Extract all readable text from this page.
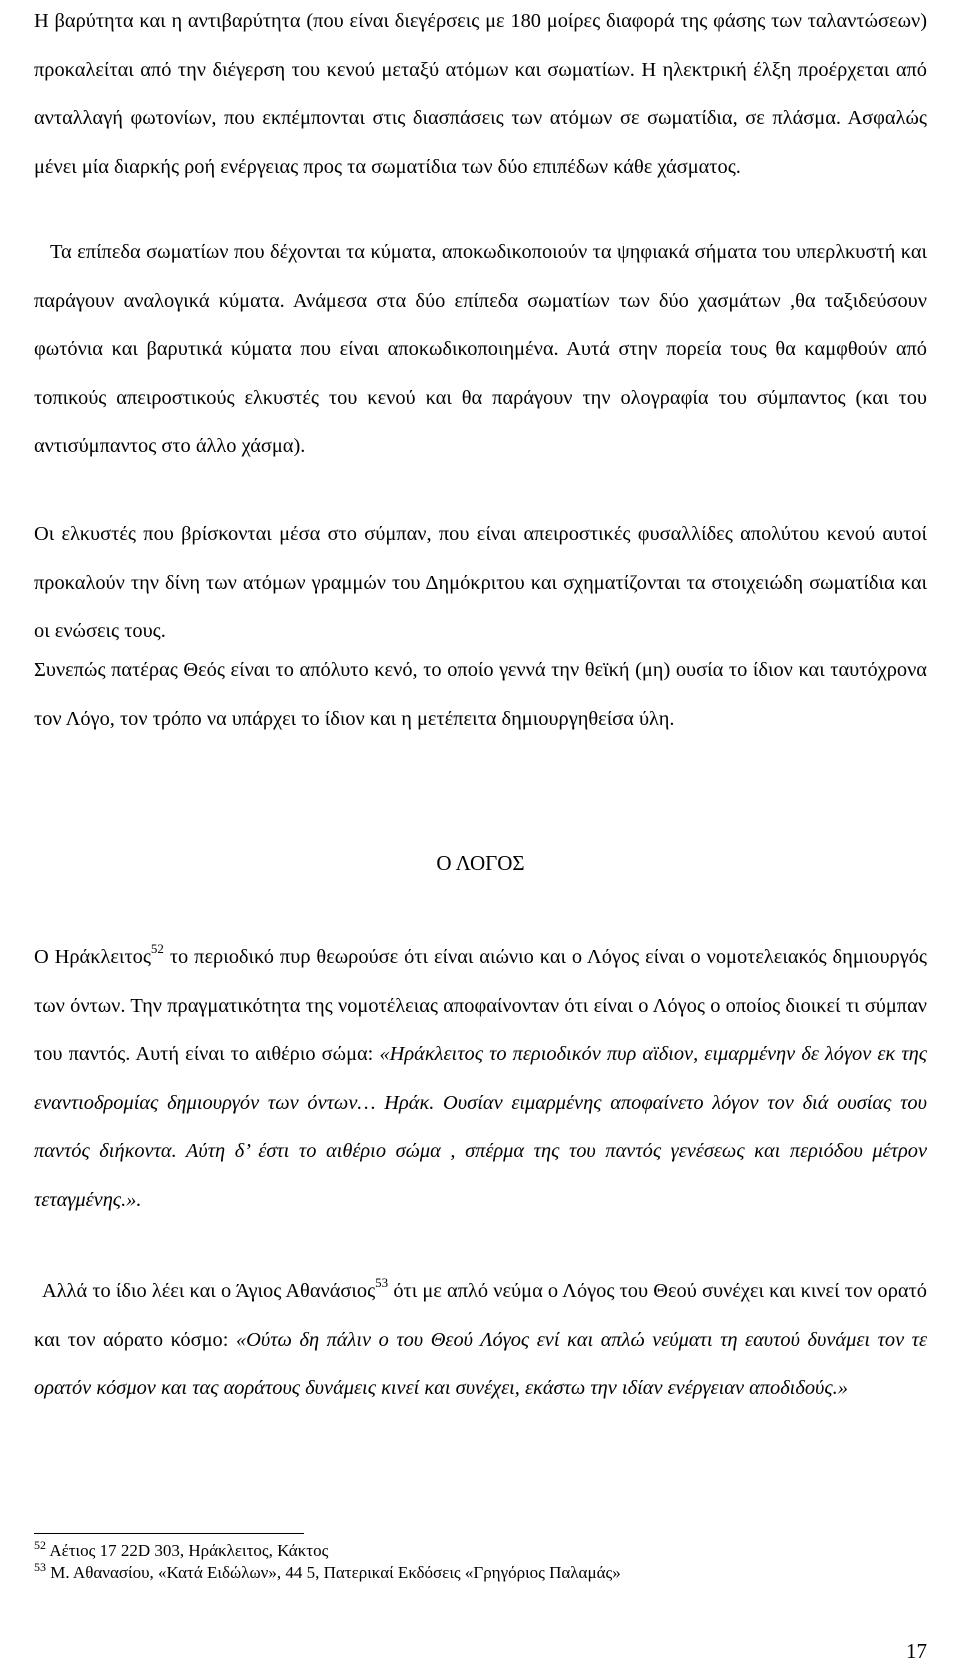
Η βαρύτητα και η αντιβαρύτητα (που είναι διεγέρσεις με 180 μοίρες διαφορά της φάσης των ταλαντώσεων) προκαλείται από την διέγερση του κενού μεταξύ ατόμων και σωματίων. Η ηλεκτρική έλξη προέρχεται από ανταλλαγή φωτονίων, που εκπέμπονται στις διασπάσεις των ατόμων σε σωματίδια, σε πλάσμα. Ασφαλώς μένει μία διαρκής ροή ενέργειας προς τα σωματίδια των δύο επιπέδων κάθε χάσματος.

Τα επίπεδα σωματίων που δέχονται τα κύματα, αποκωδικοποιούν τα ψηφιακά σήματα του υπερλκυστή και παράγουν αναλογικά κύματα. Ανάμεσα στα δύο επίπεδα σωματίων των δύο χασμάτων ,θα ταξιδεύσουν φωτόνια και βαρυτικά κύματα που είναι αποκωδικοποιημένα. Αυτά στην πορεία τους θα καμφθούν από τοπικούς απειροστικούς ελκυστές του κενού και θα παράγουν την ολογραφία του σύμπαντος (και του αντισύμπαντος στο άλλο χάσμα).

Οι ελκυστές που βρίσκονται μέσα στο σύμπαν, που είναι απειροστικές φυσαλλίδες απολύτου κενού αυτοί προκαλούν την δίνη των ατόμων γραμμών του Δημόκριτου και σχηματίζονται τα στοιχειώδη σωματίδια και οι ενώσεις τους.

Συνεπώς πατέρας Θεός είναι το απόλυτο κενό, το οποίο γεννά την θεϊκή (μη) ουσία το ίδιον και ταυτόχρονα τον Λόγο, τον τρόπο να υπάρχει το ίδιον και η μετέπειτα δημιουργηθείσα ύλη.

Ο ΛΟΓΟΣ

Ο Ηράκλειτος$^{52}$ το περιοδικό πυρ θεωρούσε ότι είναι αιώνιο και ο Λόγος είναι ο νομοτελειακός δημιουργός των όντων. Την πραγματικότητα της νομοτέλειας αποφαίνονταν ότι είναι ο Λόγος ο οποίος διοικεί τι σύμπαν του παντός. Αυτή είναι το αιθέριο σώμα: «Ηράκλειτος το περιοδικόν πυρ αϊδιον, ειμαρμένην δε λόγον εκ της εναντιοδρομίας δημιουργόν των όντων… Ηράκ. Ουσίαν ειμαρμένης αποφαίνετο λόγον τον διά ουσίας του παντός διήκοντα. Αύτη δ’ έστι το αιθέριο σώμα , σπέρμα της του παντός γενέσεως και περιόδου μέτρον τεταγμένης.».

Αλλά το ίδιο λέει και ο Άγιος Αθανάσιος$^{53}$ ότι με απλό νεύμα ο Λόγος του Θεού συνέχει και κινεί τον ορατό και τον αόρατο κόσμο: «Ούτω δη πάλιν ο του Θεού Λόγος ενί και απλώ νεύματι τη εαυτού δυνάμει τον τε ορατόν κόσμον και τας αοράτους δυνάμεις κινεί και συνέχει, εκάστω την ιδίαν ενέργειαν αποδιδούς.»

$^{52}$ Αέτιος 17 22D 303, Ηράκλειτος, Κάκτος
$^{53}$ Μ. Αθανασίου, «Κατά Ειδώλων», 44 5, Πατερικαί Εκδόσεις «Γρηγόριος Παλαμάς»
17
